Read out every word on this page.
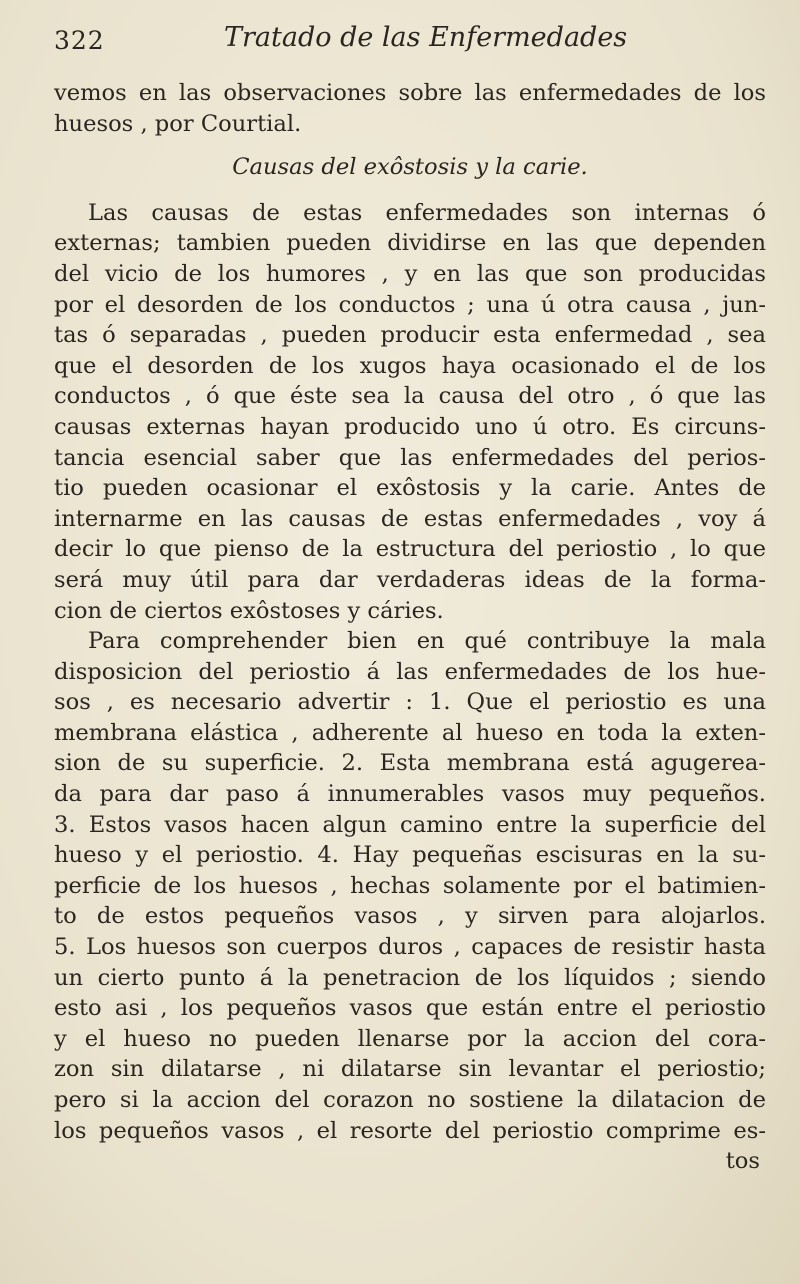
322	Tratado de las Enfermedades
vemos en las observaciones sobre las enfermedades de los
huesos , por Courtial.
Causas del exôstosis y la carie.
Las causas de estas enfermedades son internas ó
externas; tambien pueden dividirse en las que dependen
del vicio de los humores , y en las que son producidas
por el desorden de los conductos ; una ú otra causa , jun-
tas ó separadas , pueden producir esta enfermedad , sea
que el desorden de los xugos haya ocasionado el de los
conductos , ó que éste sea la causa del otro , ó que las
causas externas hayan producido uno ú otro. Es circuns-
tancia esencial saber que las enfermedades del perios-
tio pueden ocasionar el exôstosis y la carie. Antes de
internarme en las causas de estas enfermedades , voy á
decir lo que pienso de la estructura del periostio , lo que
será muy útil para dar verdaderas ideas de la forma-
cion de ciertos exôstoses y cáries.
Para comprehender bien en qué contribuye la mala
disposicion del periostio á las enfermedades de los hue-
sos , es necesario advertir : 1. Que el periostio es una
membrana elástica , adherente al hueso en toda la exten-
sion de su superficie. 2. Esta membrana está agugerea-
da para dar paso á innumerables vasos muy pequeños.
3. Estos vasos hacen algun camino entre la superficie del
hueso y el periostio. 4. Hay pequeñas escisuras en la su-
perficie de los huesos , hechas solamente por el batimien-
to de estos pequeños vasos , y sirven para alojarlos.
5. Los huesos son cuerpos duros , capaces de resistir hasta
un cierto punto á la penetracion de los líquidos ; siendo
esto asi , los pequeños vasos que están entre el periostio
y el hueso no pueden llenarse por la accion del cora-
zon sin dilatarse , ni dilatarse sin levantar el periostio;
pero si la accion del corazon no sostiene la dilatacion de
los pequeños vasos , el resorte del periostio comprime es-
tos
